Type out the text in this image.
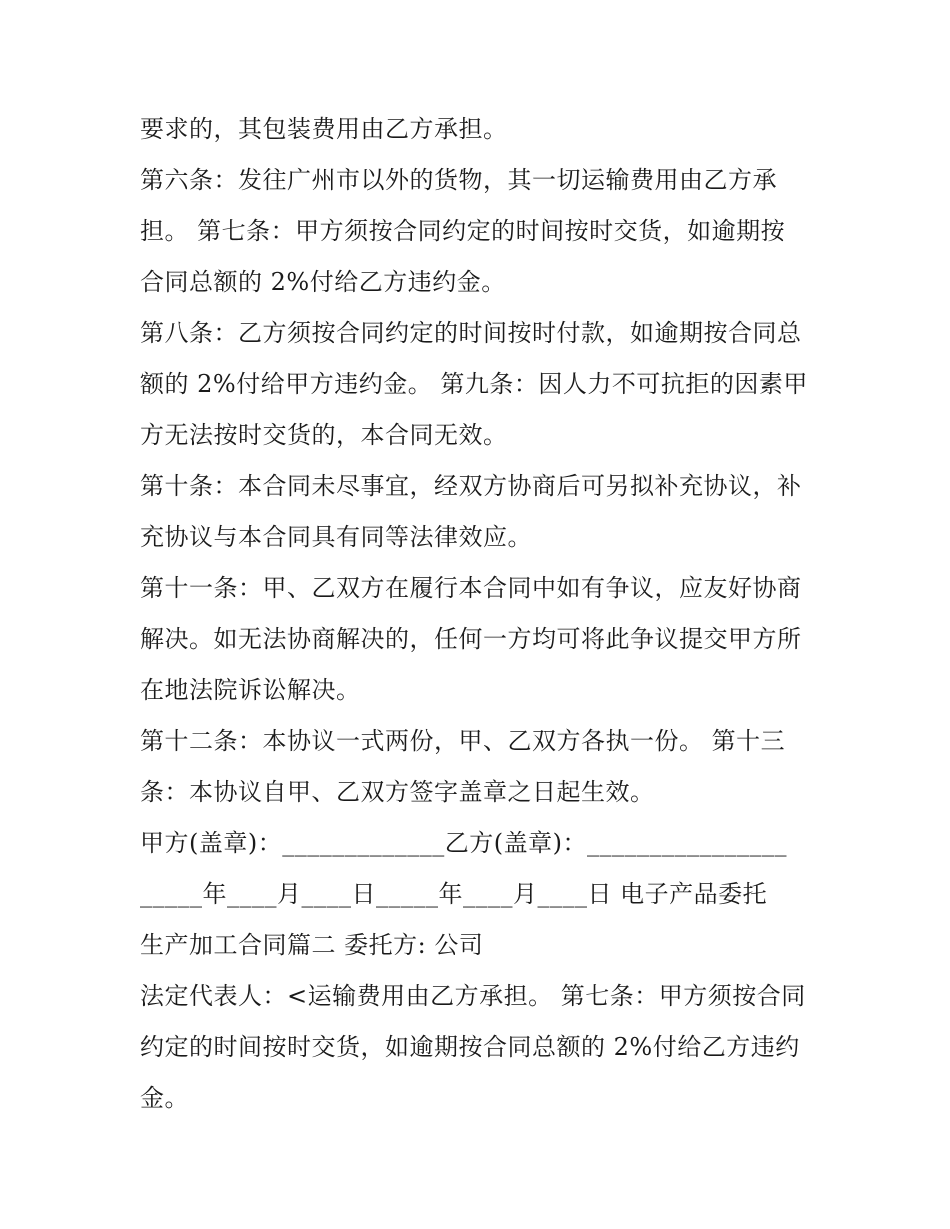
要求的，其包装费用由乙方承担。
第六条：发往广州市以外的货物，其一切运输费用由乙方承
担。 第七条：甲方须按合同约定的时间按时交货，如逾期按
合同总额的 2%付给乙方违约金。
第八条：乙方须按合同约定的时间按时付款，如逾期按合同总
额的 2%付给甲方违约金。 第九条：因人力不可抗拒的因素甲
方无法按时交货的，本合同无效。
第十条：本合同未尽事宜，经双方协商后可另拟补充协议，补
充协议与本合同具有同等法律效应。
第十一条：甲、乙双方在履行本合同中如有争议，应友好协商
解决。如无法协商解决的，任何一方均可将此争议提交甲方所
在地法院诉讼解决。
第十二条：本协议一式两份，甲、乙双方各执一份。 第十三
条：本协议自甲、乙双方签字盖章之日起生效。
甲方(盖章)：_____________乙方(盖章)：________________
_____年____月____日_____年____月____日 电子产品委托
生产加工合同篇二 委托方: 公司
法定代表人：<运输费用由乙方承担。 第七条：甲方须按合同
约定的时间按时交货，如逾期按合同总额的 2%付给乙方违约
金。
